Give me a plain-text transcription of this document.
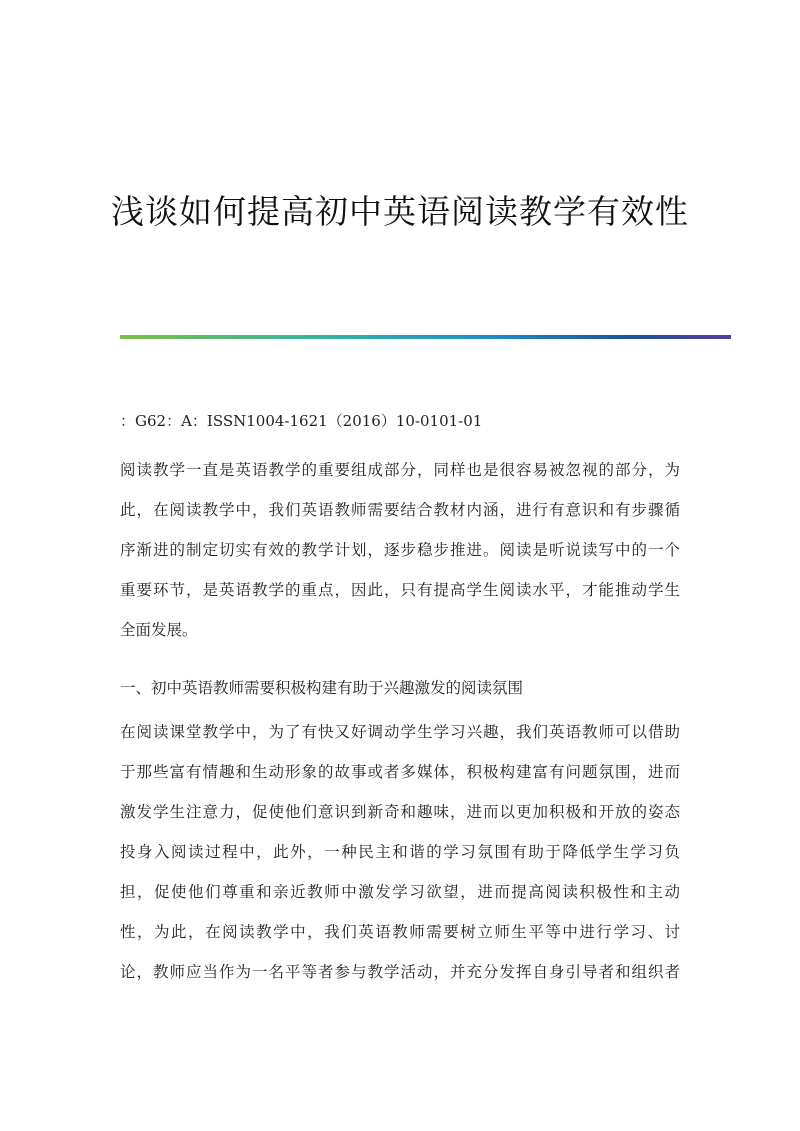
浅谈如何提高初中英语阅读教学有效性
：G62：A：ISSN1004-1621（2016）10-0101-01
阅读教学一直是英语教学的重要组成部分，同样也是很容易被忽视的部分，为
此，在阅读教学中，我们英语教师需要结合教材内涵，进行有意识和有步骤循
序渐进的制定切实有效的教学计划，逐步稳步推进。阅读是听说读写中的一个
重要环节，是英语教学的重点，因此，只有提高学生阅读水平，才能推动学生
全面发展。
一、初中英语教师需要积极构建有助于兴趣激发的阅读氛围
在阅读课堂教学中，为了有快又好调动学生学习兴趣，我们英语教师可以借助
于那些富有情趣和生动形象的故事或者多媒体，积极构建富有问题氛围，进而
激发学生注意力，促使他们意识到新奇和趣味，进而以更加积极和开放的姿态
投身入阅读过程中，此外，一种民主和谐的学习氛围有助于降低学生学习负
担，促使他们尊重和亲近教师中激发学习欲望，进而提高阅读积极性和主动
性，为此，在阅读教学中，我们英语教师需要树立师生平等中进行学习、讨
论，教师应当作为一名平等者参与教学活动，并充分发挥自身引导者和组织者
